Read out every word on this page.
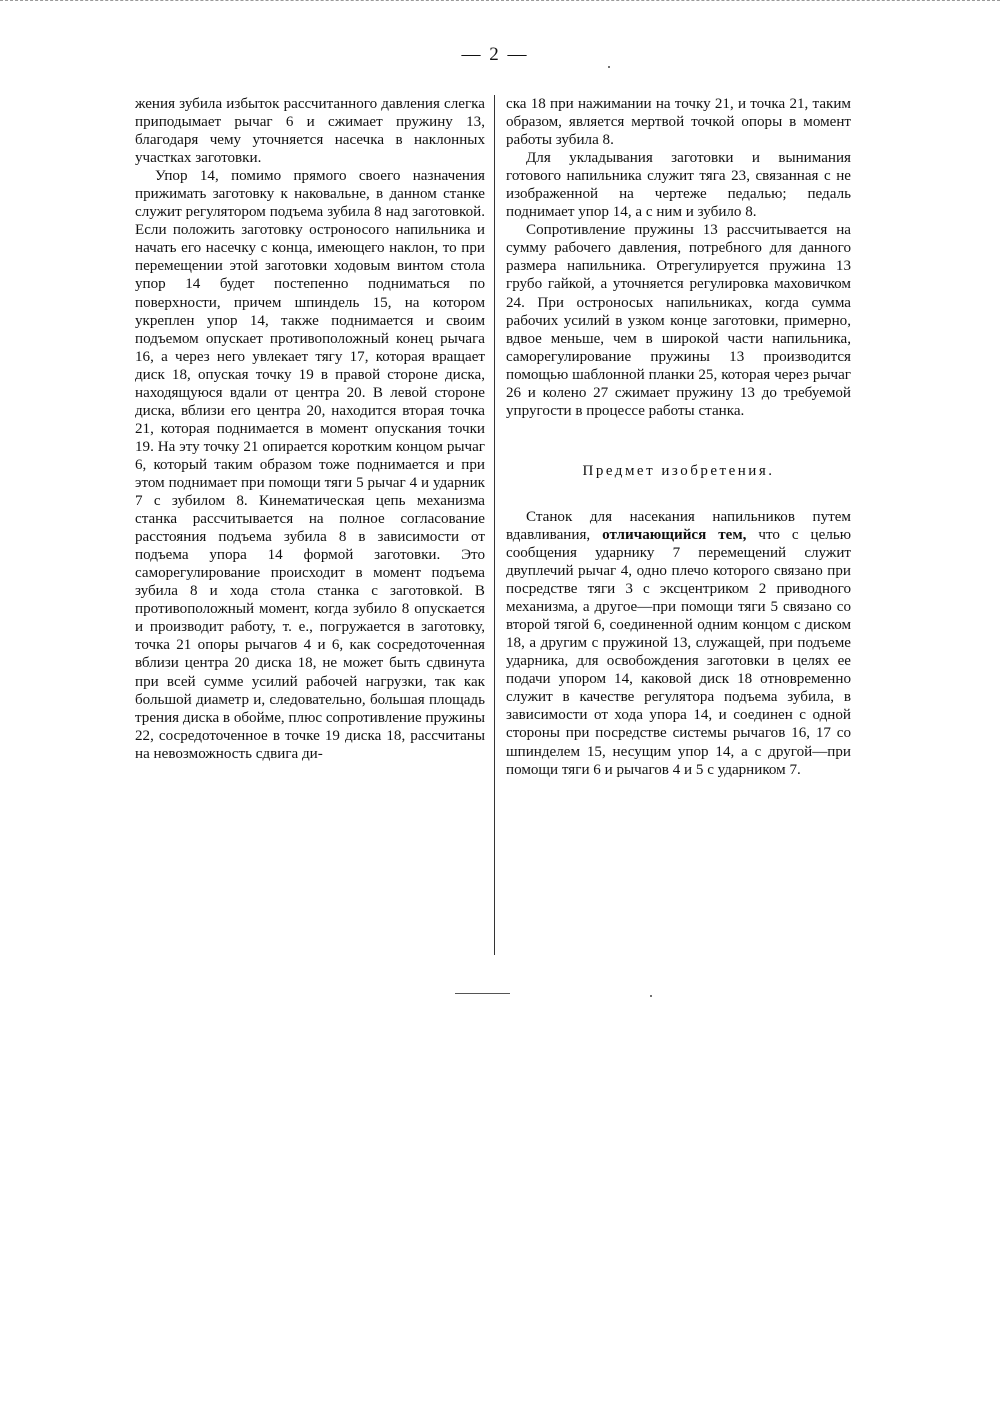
— 2 —

жения зубила избыток рассчитанного давления слегка приподымает рычаг 6 и сжимает пружину 13, благодаря чему уточняется насечка в наклонных участках заготовки.

Упор 14, помимо прямого своего назначения прижимать заготовку к наковальне, в данном станке служит регулятором подъема зубила 8 над заготовкой. Если положить заготовку остроносого напильника и начать его насечку с конца, имеющего наклон, то при перемещении этой заготовки ходовым винтом стола упор 14 будет постепенно подниматься по поверхности, причем шпиндель 15, на котором укреплен упор 14, также поднимается и своим подъемом опускает противоположный конец рычага 16, а через него увлекает тягу 17, которая вращает диск 18, опуская точку 19 в правой стороне диска, находящуюся вдали от центра 20. В левой стороне диска, вблизи его центра 20, находится вторая точка 21, которая поднимается в момент опускания точки 19. На эту точку 21 опирается коротким концом рычаг 6, который таким образом тоже поднимается и при этом поднимает при помощи тяги 5 рычаг 4 и ударник 7 с зубилом 8. Кинематическая цепь механизма станка рассчитывается на полное согласование расстояния подъема зубила 8 в зависимости от подъема упора 14 формой заготовки. Это саморегулирование происходит в момент подъема зубила 8 и хода стола станка с заготовкой. В противоположный момент, когда зубило 8 опускается и производит работу, т. е., погружается в заготовку, точка 21 опоры рычагов 4 и 6, как сосредоточенная вблизи центра 20 диска 18, не может быть сдвинута при всей сумме усилий рабочей нагрузки, так как большой диаметр и, следовательно, большая площадь трения диска в обойме, плюс сопротивление пружины 22, сосредоточенное в точке 19 диска 18, рассчитаны на невозможность сдвига ди-

ска 18 при нажимании на точку 21, и точка 21, таким образом, является мертвой точкой опоры в момент работы зубила 8.

Для укладывания заготовки и вынимания готового напильника служит тяга 23, связанная с не изображенной на чертеже педалью; педаль поднимает упор 14, а с ним и зубило 8.

Сопротивление пружины 13 рассчитывается на сумму рабочего давления, потребного для данного размера напильника. Отрегулируется пружина 13 грубо гайкой, а уточняется регулировка маховичком 24. При остроносых напильниках, когда сумма рабочих усилий в узком конце заготовки, примерно, вдвое меньше, чем в широкой части напильника, саморегулирование пружины 13 производится помощью шаблонной планки 25, которая через рычаг 26 и колено 27 сжимает пружину 13 до требуемой упругости в процессе работы станка.

Предмет изобретения.

Станок для насекания напильников путем вдавливания, отличающийся тем, что с целью сообщения ударнику 7 перемещений служит двуплечий рычаг 4, одно плечо которого связано при посредстве тяги 3 с эксцентриком 2 приводного механизма, а другое—при помощи тяги 5 связано со второй тягой 6, соединенной одним концом с диском 18, а другим с пружиной 13, служащей, при подъеме ударника, для освобождения заготовки в целях ее подачи упором 14, каковой диск 18 отновременно служит в качестве регулятора подъема зубила, в зависимости от хода упора 14, и соединен с одной стороны при посредстве системы рычагов 16, 17 со шпинделем 15, несущим упор 14, а с другой—при помощи тяги 6 и рычагов 4 и 5 с ударником 7.
